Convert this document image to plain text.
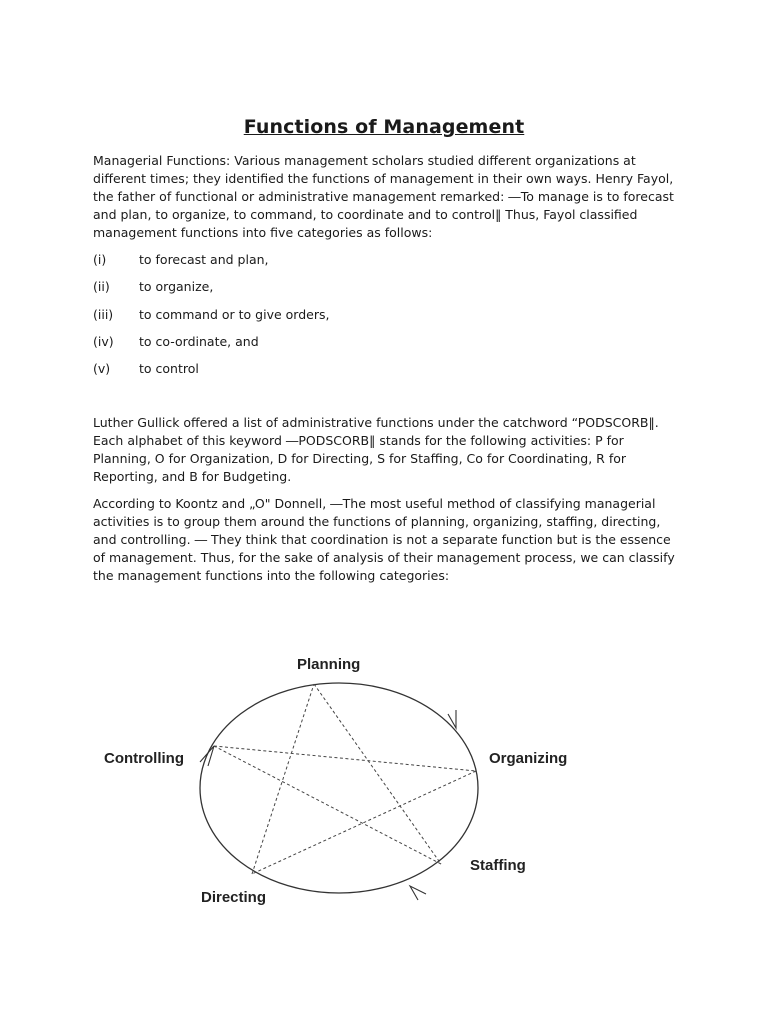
Functions of Management

Managerial Functions: Various management scholars studied different organizations at different times; they identified the functions of management in their own ways. Henry Fayol, the father of functional or administrative management remarked: ―To manage is to forecast and plan, to organize, to command, to coordinate and to control‖ Thus, Fayol classified management functions into five categories as follows:

(i)	to forecast and plan,
(ii)	to organize,
(iii)	to command or to give orders,
(iv)	to co-ordinate, and
(v)	to control

Luther Gullick offered a list of administrative functions under the catchword “PODSCORB‖. Each alphabet of this keyword ―PODSCORB‖ stands for the following activities: P for Planning, O for Organization, D for Directing, S for Staffing, Co for Coordinating, R for Reporting, and B for Budgeting.

According to Koontz and „O" Donnell, ―The most useful method of classifying managerial activities is to group them around the functions of planning, organizing, staffing, directing, and controlling. ― They think that coordination is not a separate function but is the essence of management. Thus, for the sake of analysis of their management process, we can classify the management functions into the following categories:

Planning
Organizing
Staffing
Directing
Controlling
